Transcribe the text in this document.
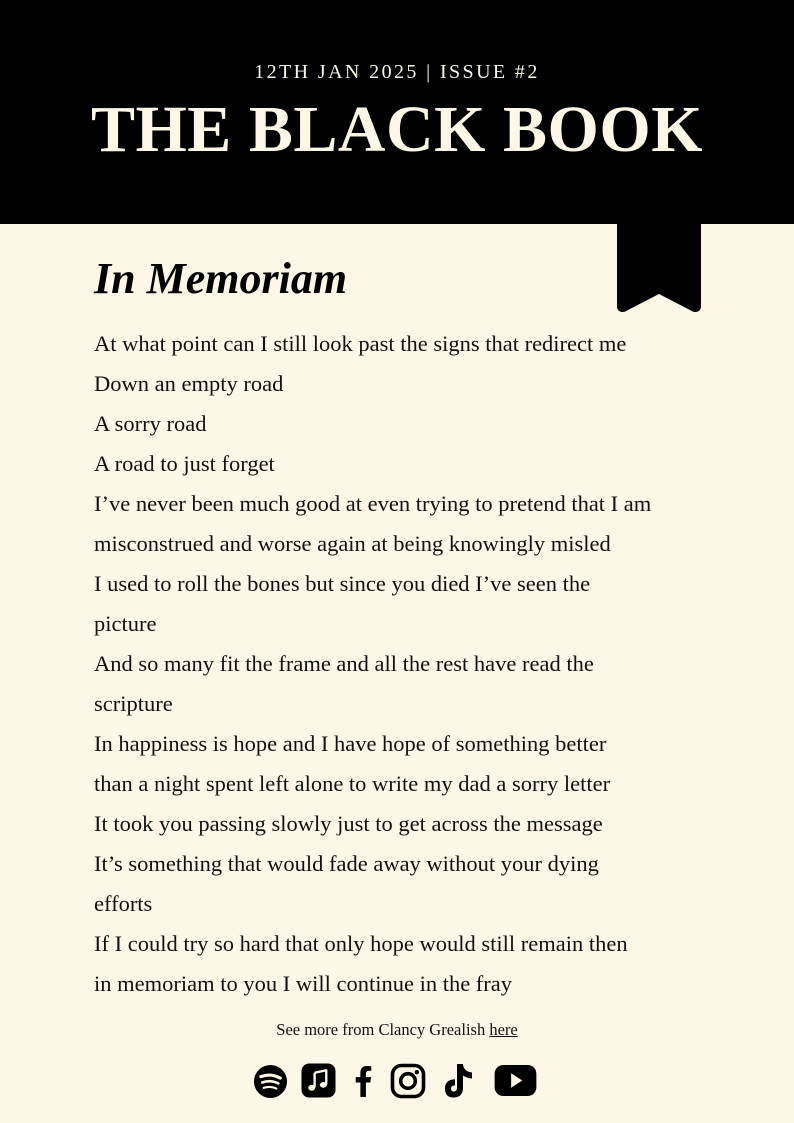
12TH JAN 2025 | ISSUE #2
THE BLACK BOOK
In Memoriam
At what point can I still look past the signs that redirect me
Down an empty road
A sorry road
A road to just forget
I’ve never been much good at even trying to pretend that I am
misconstrued and worse again at being knowingly misled
I used to roll the bones but since you died I’ve seen the
picture
And so many fit the frame and all the rest have read the
scripture
In happiness is hope and I have hope of something better
than a night spent left alone to write my dad a sorry letter
It took you passing slowly just to get across the message
It’s something that would fade away without your dying
efforts
If I could try so hard that only hope would still remain then
in memoriam to you I will continue in the fray
See more from Clancy Grealish here
